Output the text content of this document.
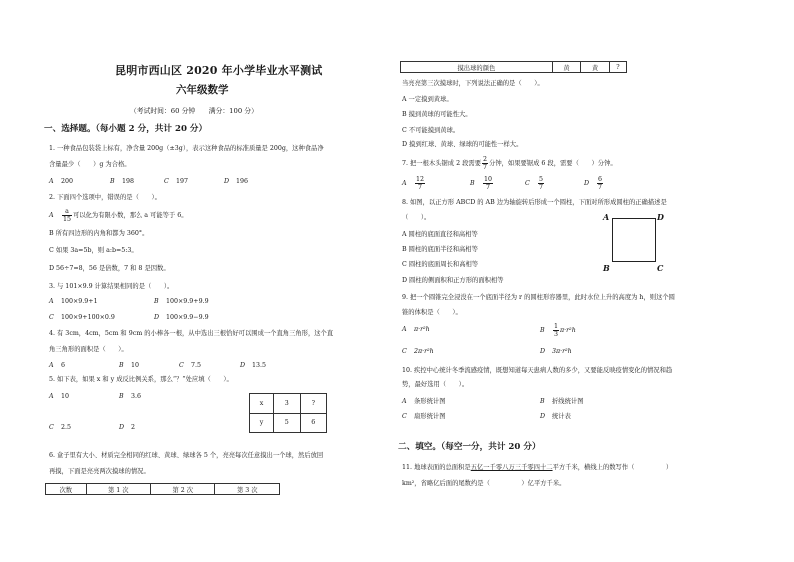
昆明市西山区 2020 年小学毕业水平测试
六年级数学
（考试时间：60 分钟　　满分：100 分）
一、选择题。（每小题 2 分，共计 20 分）
1. 一种食品包装袋上标有，净含量 200g（±3g），表示这种食品的标准质量是 200g，这种食品净
含量最少（　　）g 为合格。
A 200	B 198	C 197	D 196
2. 下面四个选项中，错误的是（　　）。
A $\frac{a}{15}$ 可以化为有限小数，那么 a 可能等于 6。
B 所有四边形的内角和都为 360°。
C 如果 3a=5b，则 a:b=5:3。
D 56÷7=8，56 是倍数，7 和 8 是因数。
3. 与 101×9.9 计算结果相同的是（　　）。
A 100×9.9+1	B 100×9.9+9.9
C 100×9+100×0.9	D 100×9.9−9.9
4. 有 3cm，4cm，5cm 和 9cm 的小棒各一根，从中选出三根恰好可以围成一个直角三角形，这个直
角三角形的面积是（　　）。
A 6	B 10	C 7.5	D 13.5
5. 如下表，如果 x 和 y 成反比例关系，那么“？”处应填（　　）。
A 10	B 3.6
C 2.5	D 2
x	3	?
y	5	6
6. 盒子里有大小、材质完全相同的红球、黄球、绿球各 5 个，亮亮每次任意摸出一个球，然后放回
再摸，下面是亮亮两次摸球的情况。
次数	第 1 次	第 2 次	第 3 次
摸出球的颜色	黄	黄	?
当亮亮第三次摸球时，下列说法正确的是（　　）。
A 一定摸到黄球。
B 摸到黄球的可能性大。
C 不可能摸到黄球。
D 摸到红球、黄球、绿球的可能性一样大。
7. 把一根木头锯成 2 段需要 $\frac{2}{7}$ 分钟，如果要锯成 6 段，需要（　　）分钟。
A $\frac{12}{7}$	B $\frac{10}{7}$	C $\frac{5}{7}$	D $\frac{6}{7}$
8. 如图，以正方形 ABCD 的 AB 边为轴旋转后形成一个圆柱，下面对所形成圆柱的正确描述是
（　　）。
A 圆柱的底面直径和高相等
B 圆柱的底面半径和高相等
C 圆柱的底面周长和高相等
D 圆柱的侧面积和正方形的面积相等
A	D
B	C
9. 把一个圆锥完全浸没在一个底面半径为 r 的圆柱形容器里，此时水位上升的高度为 h，则这个圆
锥的体积是（　　）。
A π·r²h	B $\frac{1}{3} \pi\cdot r^2h$
C 2π·r²h	D 3π·r²h
10. 疾控中心统计冬季流感疫情，既想知道每天患病人数的多少，又要能反映疫情变化的情况和趋
势，最好选用（　　）。
A 条形统计图	B 折线统计图
C 扇形统计图	D 统计表
二、填空。（每空一分，共计 20 分）
11. 地球表面的总面积是五亿一千零八万三千零四十二平方千米，横线上的数写作（　　　　　）
km²，省略亿后面的尾数约是（　　　　　）亿平方千米。
